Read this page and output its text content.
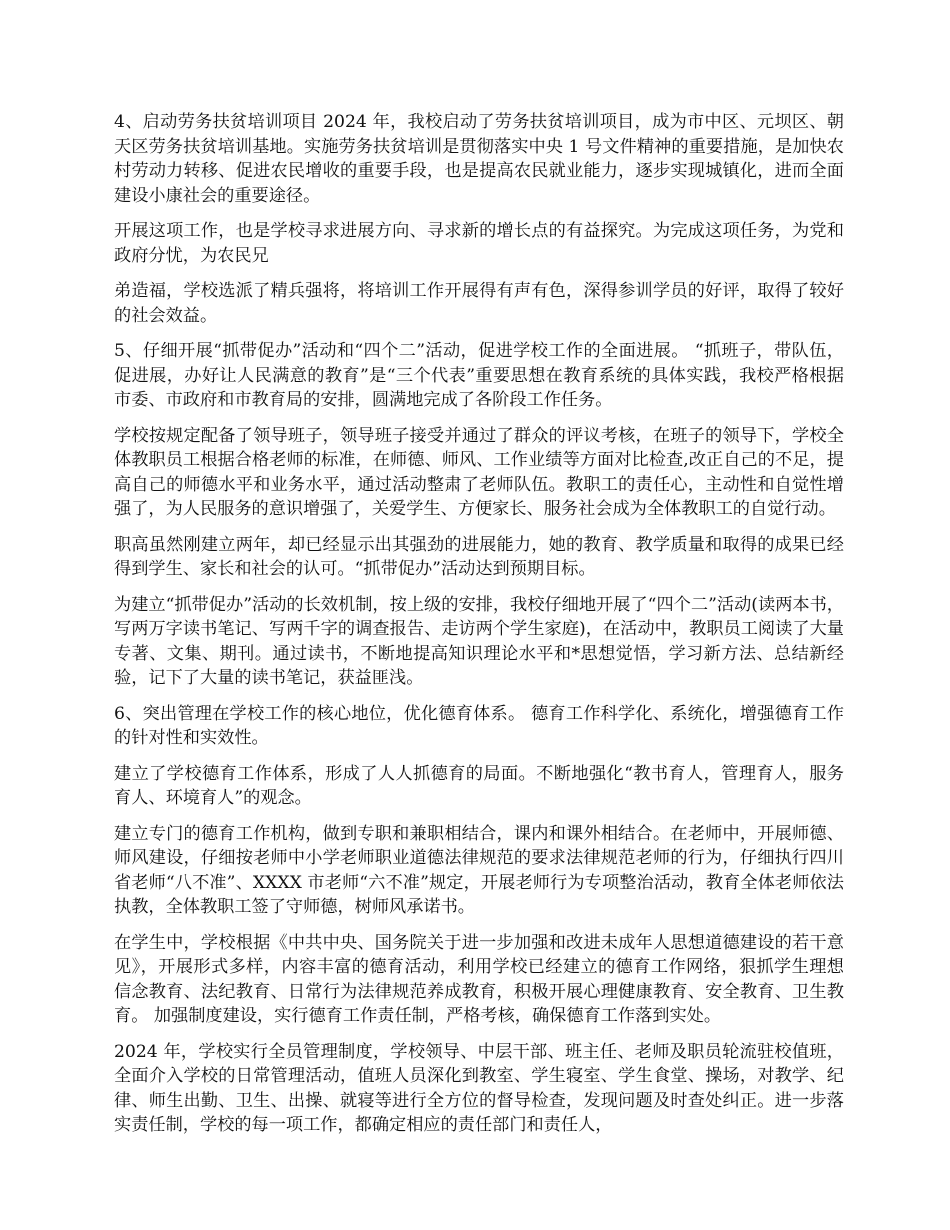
4、启动劳务扶贫培训项目 2024 年，我校启动了劳务扶贫培训项目，成为市中区、元坝区、朝天区劳务扶贫培训基地。实施劳务扶贫培训是贯彻落实中央 1 号文件精神的重要措施，是加快农村劳动力转移、促进农民增收的重要手段，也是提高农民就业能力，逐步实现城镇化，进而全面建设小康社会的重要途径。

开展这项工作，也是学校寻求进展方向、寻求新的增长点的有益探究。为完成这项任务，为党和政府分忧，为农民兄

弟造福，学校选派了精兵强将，将培训工作开展得有声有色，深得参训学员的好评，取得了较好的社会效益。

5、仔细开展“抓带促办”活动和“四个二”活动，促进学校工作的全面进展。 “抓班子，带队伍，促进展，办好让人民满意的教育”是“三个代表”重要思想在教育系统的具体实践，我校严格根据市委、市政府和市教育局的安排，圆满地完成了各阶段工作任务。

学校按规定配备了领导班子，领导班子接受并通过了群众的评议考核，在班子的领导下，学校全体教职员工根据合格老师的标准，在师德、师风、工作业绩等方面对比检查,改正自己的不足，提高自己的师德水平和业务水平，通过活动整肃了老师队伍。教职工的责任心，主动性和自觉性增强了，为人民服务的意识增强了，关爱学生、方便家长、服务社会成为全体教职工的自觉行动。

职高虽然刚建立两年，却已经显示出其强劲的进展能力，她的教育、教学质量和取得的成果已经得到学生、家长和社会的认可。“抓带促办”活动达到预期目标。

为建立“抓带促办”活动的长效机制，按上级的安排，我校仔细地开展了“四个二”活动(读两本书，写两万字读书笔记、写两千字的调查报告、走访两个学生家庭)，在活动中，教职员工阅读了大量专著、文集、期刊。通过读书，不断地提高知识理论水平和*思想觉悟，学习新方法、总结新经验，记下了大量的读书笔记，获益匪浅。

6、突出管理在学校工作的核心地位，优化德育体系。 德育工作科学化、系统化，增强德育工作的针对性和实效性。

建立了学校德育工作体系，形成了人人抓德育的局面。不断地强化“教书育人，管理育人，服务育人、环境育人”的观念。

建立专门的德育工作机构，做到专职和兼职相结合，课内和课外相结合。在老师中，开展师德、师风建设，仔细按老师中小学老师职业道德法律规范的要求法律规范老师的行为，仔细执行四川省老师“八不准”、XXXX 市老师“六不准”规定，开展老师行为专项整治活动，教育全体老师依法执教，全体教职工签了守师德，树师风承诺书。

在学生中，学校根据《中共中央、国务院关于进一步加强和改进未成年人思想道德建设的若干意见》，开展形式多样，内容丰富的德育活动，利用学校已经建立的德育工作网络，狠抓学生理想信念教育、法纪教育、日常行为法律规范养成教育，积极开展心理健康教育、安全教育、卫生教育。 加强制度建设，实行德育工作责任制，严格考核，确保德育工作落到实处。

2024 年，学校实行全员管理制度，学校领导、中层干部、班主任、老师及职员轮流驻校值班，全面介入学校的日常管理活动，值班人员深化到教室、学生寝室、学生食堂、操场，对教学、纪律、师生出勤、卫生、出操、就寝等进行全方位的督导检查，发现问题及时查处纠正。进一步落实责任制，学校的每一项工作，都确定相应的责任部门和责任人，
